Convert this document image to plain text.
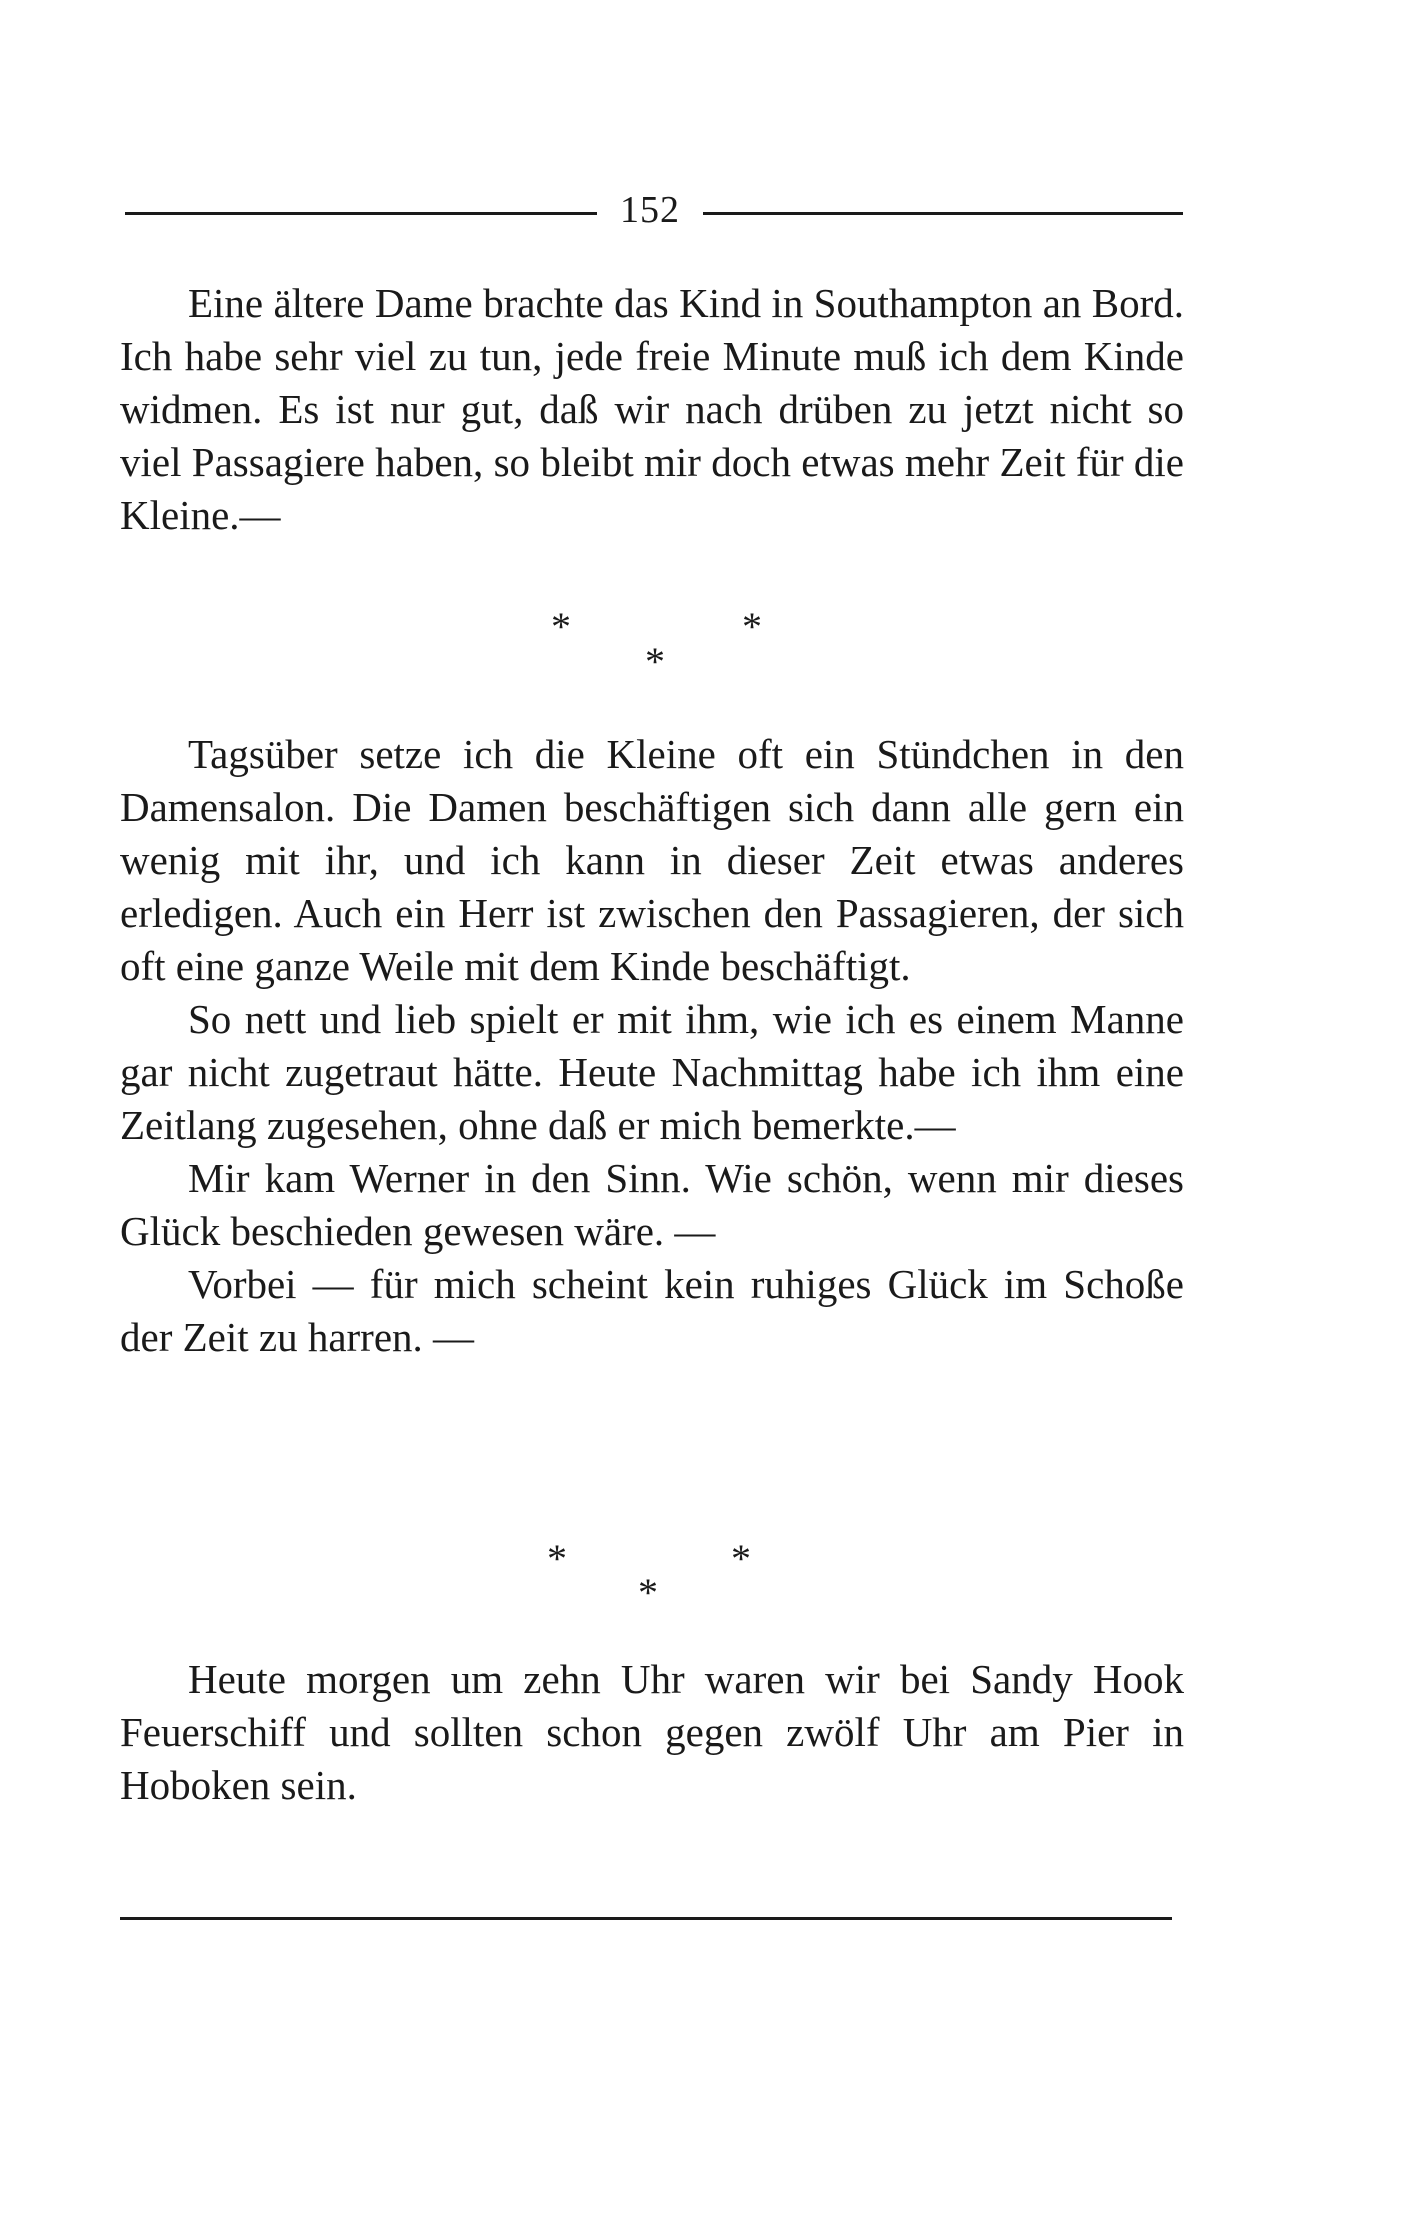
152

Eine ältere Dame brachte das Kind in Southampton an Bord. Ich habe sehr viel zu tun, jede freie Minute muß ich dem Kinde widmen. Es ist nur gut, daß wir nach drüben zu jetzt nicht so viel Passagiere haben, so bleibt mir doch etwas mehr Zeit für die Kleine.—

*	*
*

Tagsüber setze ich die Kleine oft ein Stündchen in den Damensalon. Die Damen beschäftigen sich dann alle gern ein wenig mit ihr, und ich kann in dieser Zeit etwas anderes erledigen. Auch ein Herr ist zwischen den Passagieren, der sich oft eine ganze Weile mit dem Kinde beschäftigt.

So nett und lieb spielt er mit ihm, wie ich es einem Manne gar nicht zugetraut hätte. Heute Nachmittag habe ich ihm eine Zeitlang zugesehen, ohne daß er mich bemerkte.—

Mir kam Werner in den Sinn. Wie schön, wenn mir dieses Glück beschieden gewesen wäre. —

Vorbei — für mich scheint kein ruhiges Glück im Schoße der Zeit zu harren. —

*	*
*

Heute morgen um zehn Uhr waren wir bei Sandy Hook Feuerschiff und sollten schon gegen zwölf Uhr am Pier in Hoboken sein.
